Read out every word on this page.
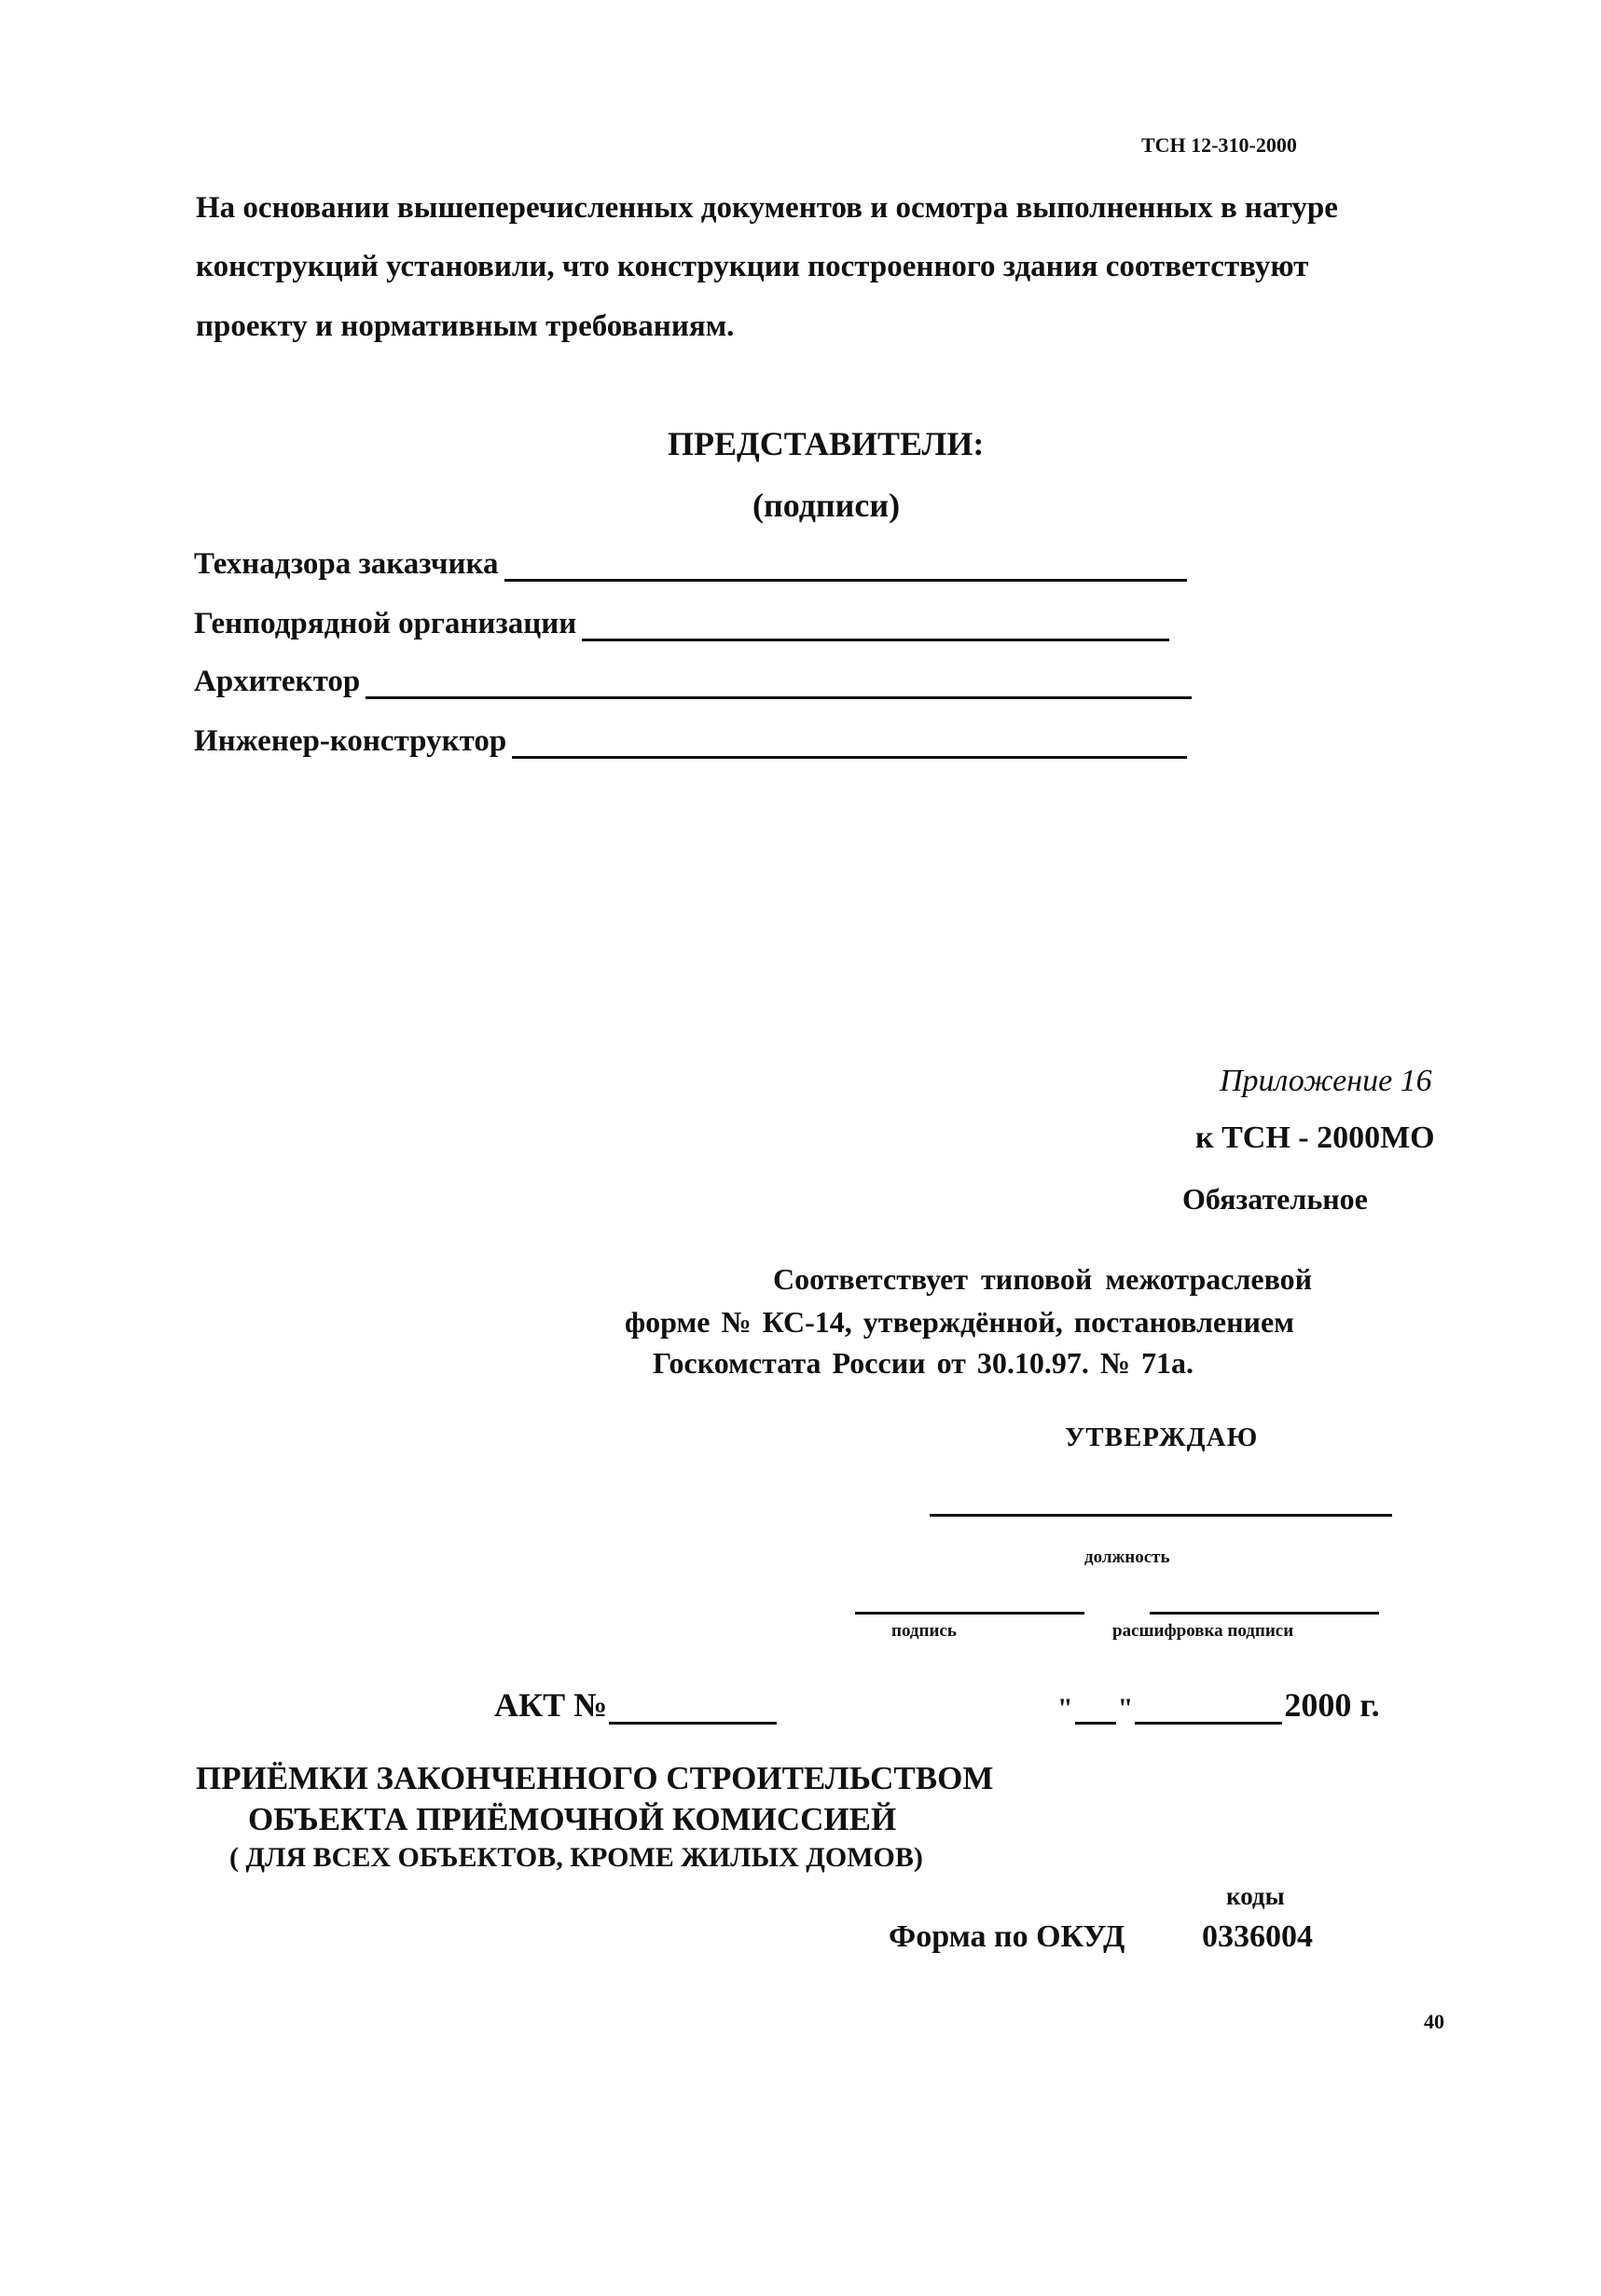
ТСН 12-310-2000
На основании вышеперечисленных документов и осмотра выполненных в натуре
конструкций установили, что конструкции построенного здания соответствуют
проекту и нормативным требованиям.
ПРЕДСТАВИТЕЛИ:
(подписи)
Технадзора заказчика
Генподрядной организации
Архитектор
Инженер-конструктор
Приложение 16
к ТСН - 2000МО
Обязательное
Соответствует типовой межотраслевой
форме № КС-14, утверждённой, постановлением
Госкомстата России от 30.10.97. № 71а.
УТВЕРЖДАЮ
должность
подпись	расшифровка подписи
АКТ №	" "	2000 г.
ПРИЁМКИ ЗАКОНЧЕННОГО СТРОИТЕЛЬСТВОМ
ОБЪЕКТА ПРИЁМОЧНОЙ КОМИССИЕЙ
( ДЛЯ ВСЕХ ОБЪЕКТОВ, КРОМЕ ЖИЛЫХ ДОМОВ)
коды
Форма по ОКУД 0336004
40
